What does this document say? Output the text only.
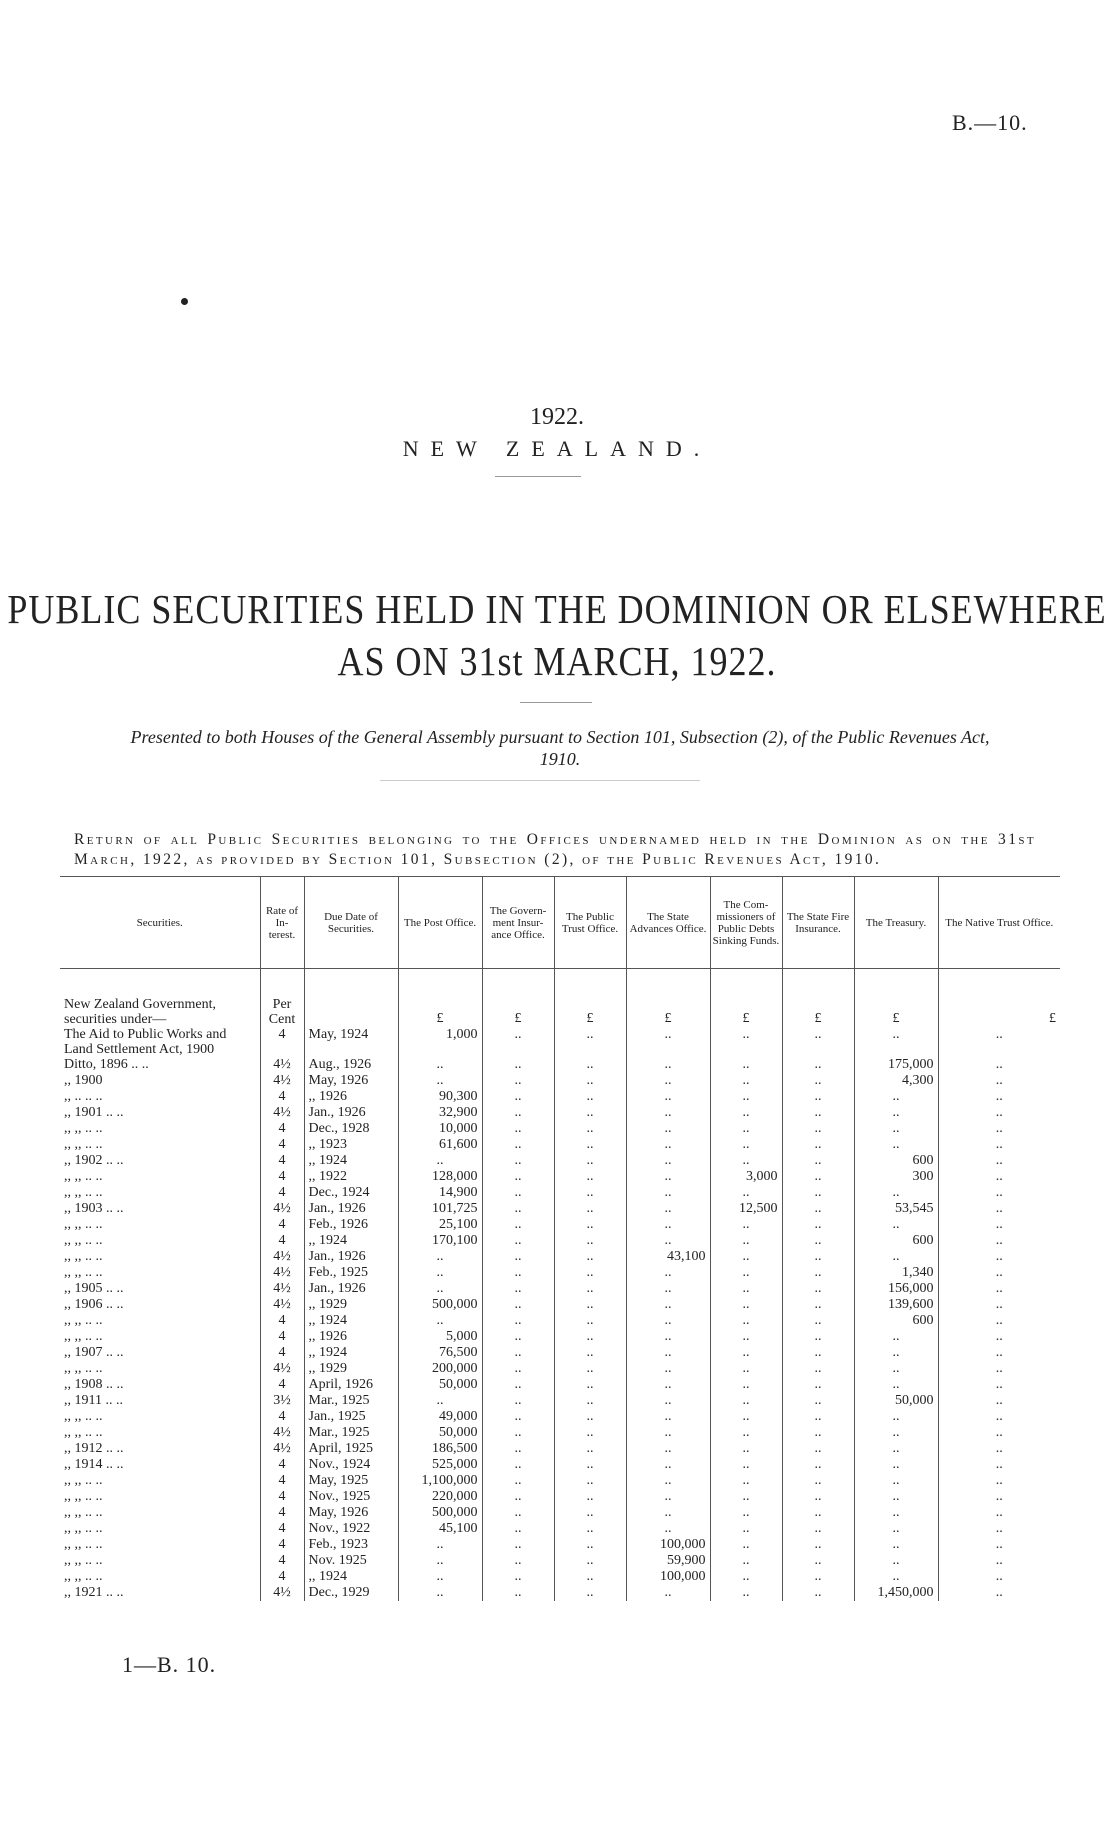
B.—10.
1922.
NEW ZEALAND.
PUBLIC SECURITIES HELD IN THE DOMINION OR ELSEWHERE
AS ON 31st MARCH, 1922.
Presented to both Houses of the General Assembly pursuant to Section 101, Subsection (2), of the Public Revenues Act, 1910.
Return of all Public Securities belonging to the Offices undernamed held in the Dominion as on the 31st March, 1922, as provided by Section 101, Subsection (2), of the Public Revenues Act, 1910.
Securities.	Rate of In-terest.	Due Date of Securities.	The Post Office.	The Govern-ment Insur-ance Office.	The Public Trust Office.	The State Advances Office.	The Com-missioners of Public Debts Sinking Funds.	The State Fire Insurance.	The Treasury.	The Native Trust Office.

New Zealand Government, securities under—	Per Cent		£	£	£	£	£	£	£	£
The Aid to Public Works and Land Settlement Act, 1900	4	May, 1924	1,000	..	..	..	..	..	..	..
Ditto, 1896 .. ..	4½	Aug., 1926	..	..	..	..	..	..	175,000	..
,, 1900	4½	May, 1926	..	..	..	..	..	..	4,300	..
,, .. .. ..	4	,, 1926	90,300	..	..	..	..	..	..	..
,, 1901 .. ..	4½	Jan., 1926	32,900	..	..	..	..	..	..	..
,, ,, .. ..	4	Dec., 1928	10,000	..	..	..	..	..	..	..
,, ,, .. ..	4	,, 1923	61,600	..	..	..	..	..	..	..
,, 1902 .. ..	4	,, 1924	..	..	..	..	..	..	600	..
,, ,, .. ..	4	,, 1922	128,000	..	..	..	3,000	..	300	..
,, ,, .. ..	4	Dec., 1924	14,900	..	..	..	..	..	..	..
,, 1903 .. ..	4½	Jan., 1926	101,725	..	..	..	12,500	..	53,545	..
,, ,, .. ..	4	Feb., 1926	25,100	..	..	..	..	..	..	..
,, ,, .. ..	4	,, 1924	170,100	..	..	..	..	..	600	..
,, ,, .. ..	4½	Jan., 1926	..	..	..	43,100	..	..	..	..
,, ,, .. ..	4½	Feb., 1925	..	..	..	..	..	..	1,340	..
,, 1905 .. ..	4½	Jan., 1926	..	..	..	..	..	..	156,000	..
,, 1906 .. ..	4½	,, 1929	500,000	..	..	..	..	..	139,600	..
,, ,, .. ..	4	,, 1924	..	..	..	..	..	..	600	..
,, ,, .. ..	4	,, 1926	5,000	..	..	..	..	..	..	..
,, 1907 .. ..	4	,, 1924	76,500	..	..	..	..	..	..	..
,, ,, .. ..	4½	,, 1929	200,000	..	..	..	..	..	..	..
,, 1908 .. ..	4	April, 1926	50,000	..	..	..	..	..	..	..
,, 1911 .. ..	3½	Mar., 1925	..	..	..	..	..	..	50,000	..
,, ,, .. ..	4	Jan., 1925	49,000	..	..	..	..	..	..	..
,, ,, .. ..	4½	Mar., 1925	50,000	..	..	..	..	..	..	..
,, 1912 .. ..	4½	April, 1925	186,500	..	..	..	..	..	..	..
,, 1914 .. ..	4	Nov., 1924	525,000	..	..	..	..	..	..	..
,, ,, .. ..	4	May, 1925	1,100,000	..	..	..	..	..	..	..
,, ,, .. ..	4	Nov., 1925	220,000	..	..	..	..	..	..	..
,, ,, .. ..	4	May, 1926	500,000	..	..	..	..	..	..	..
,, ,, .. ..	4	Nov., 1922	45,100	..	..	..	..	..	..	..
,, ,, .. ..	4	Feb., 1923	..	..	..	100,000	..	..	..	..
,, ,, .. ..	4	Nov. 1925	..	..	..	59,900	..	..	..	..
,, ,, .. ..	4	,, 1924	..	..	..	100,000	..	..	..	..
,, 1921 .. ..	4½	Dec., 1929	..	..	..	..	..	..	1,450,000	..
1—B. 10.
